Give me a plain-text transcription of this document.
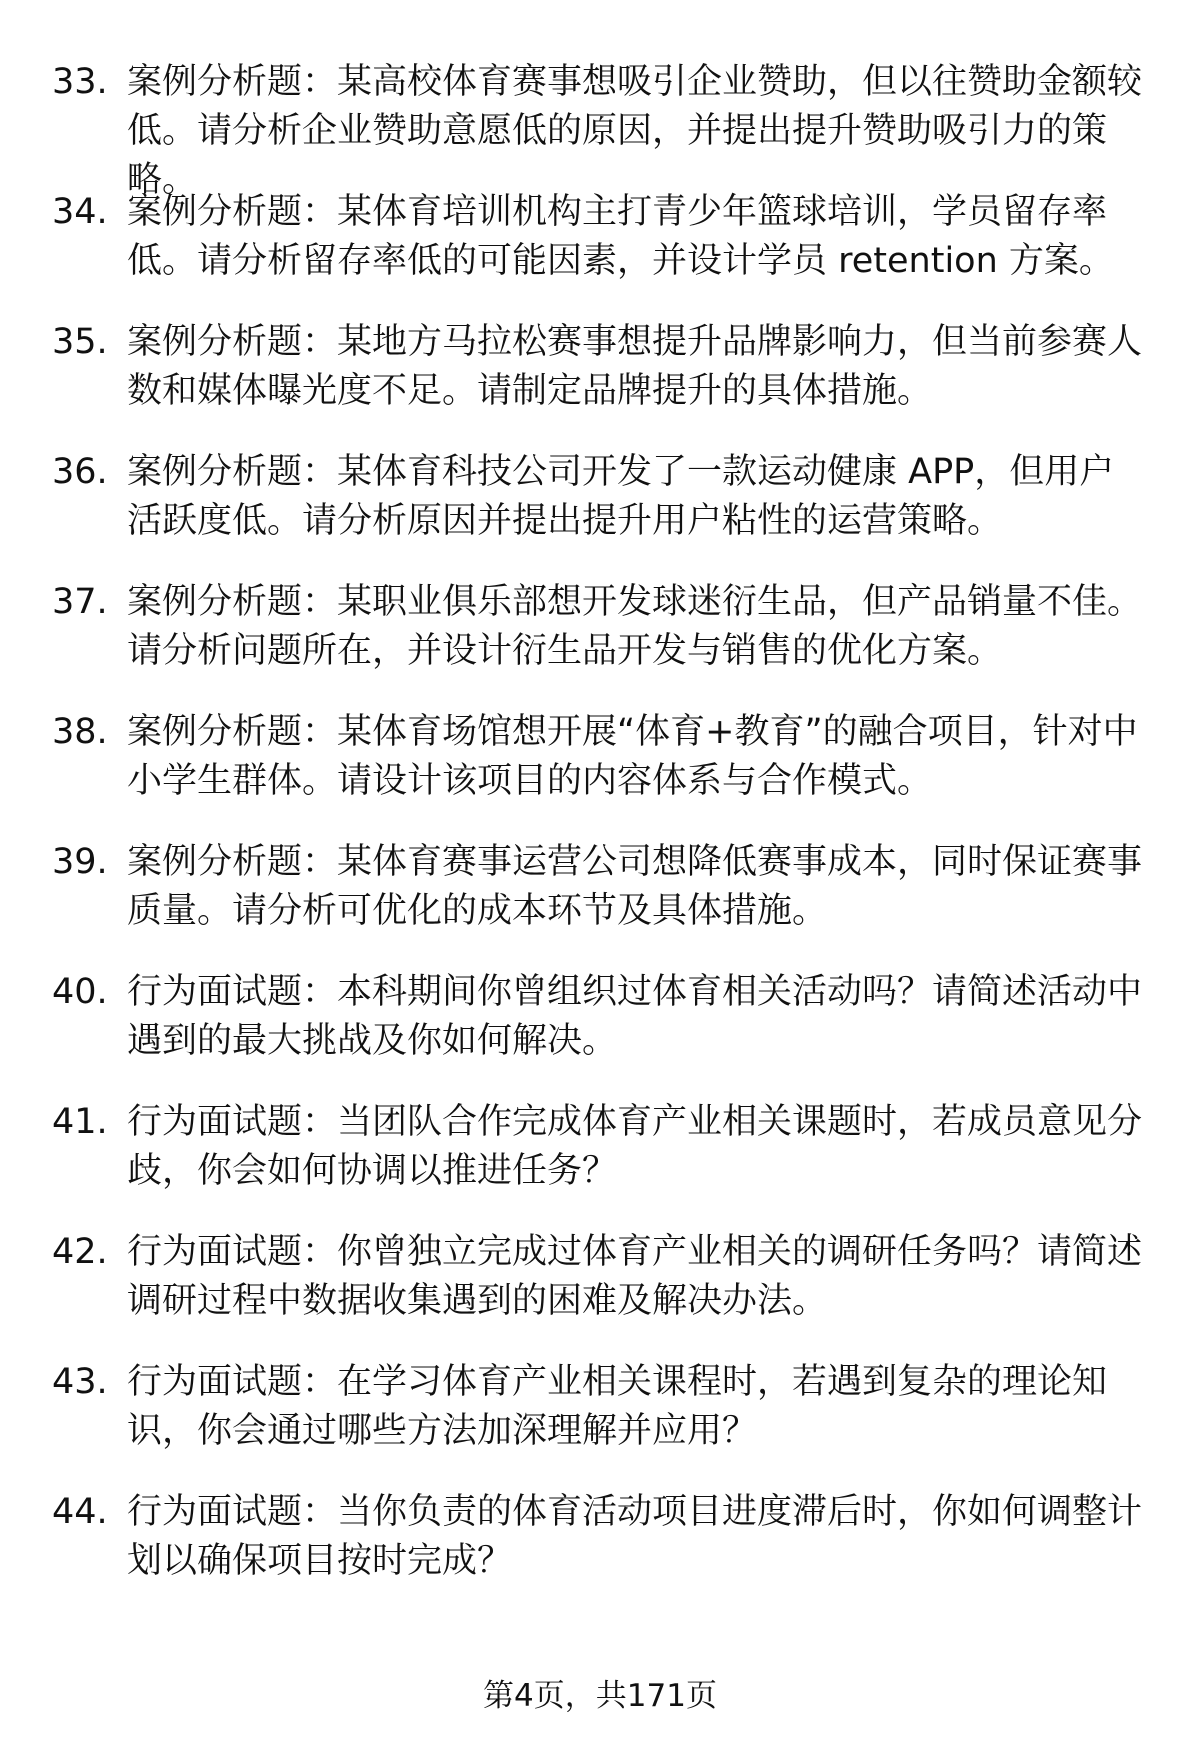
33. 案例分析题：某高校体育赛事想吸引企业赞助，但以往赞助金额较低。请分析企业赞助意愿低的原因，并提出提升赞助吸引力的策略。
34. 案例分析题：某体育培训机构主打青少年篮球培训，学员留存率低。请分析留存率低的可能因素，并设计学员 retention 方案。
35. 案例分析题：某地方马拉松赛事想提升品牌影响力，但当前参赛人数和媒体曝光度不足。请制定品牌提升的具体措施。
36. 案例分析题：某体育科技公司开发了一款运动健康 APP，但用户活跃度低。请分析原因并提出提升用户粘性的运营策略。
37. 案例分析题：某职业俱乐部想开发球迷衍生品，但产品销量不佳。请分析问题所在，并设计衍生品开发与销售的优化方案。
38. 案例分析题：某体育场馆想开展“体育+教育”的融合项目，针对中小学生群体。请设计该项目的内容体系与合作模式。
39. 案例分析题：某体育赛事运营公司想降低赛事成本，同时保证赛事质量。请分析可优化的成本环节及具体措施。
40. 行为面试题：本科期间你曾组织过体育相关活动吗？请简述活动中遇到的最大挑战及你如何解决。
41. 行为面试题：当团队合作完成体育产业相关课题时，若成员意见分歧，你会如何协调以推进任务？
42. 行为面试题：你曾独立完成过体育产业相关的调研任务吗？请简述调研过程中数据收集遇到的困难及解决办法。
43. 行为面试题：在学习体育产业相关课程时，若遇到复杂的理论知识，你会通过哪些方法加深理解并应用？
44. 行为面试题：当你负责的体育活动项目进度滞后时，你如何调整计划以确保项目按时完成？
第4页，共171页
